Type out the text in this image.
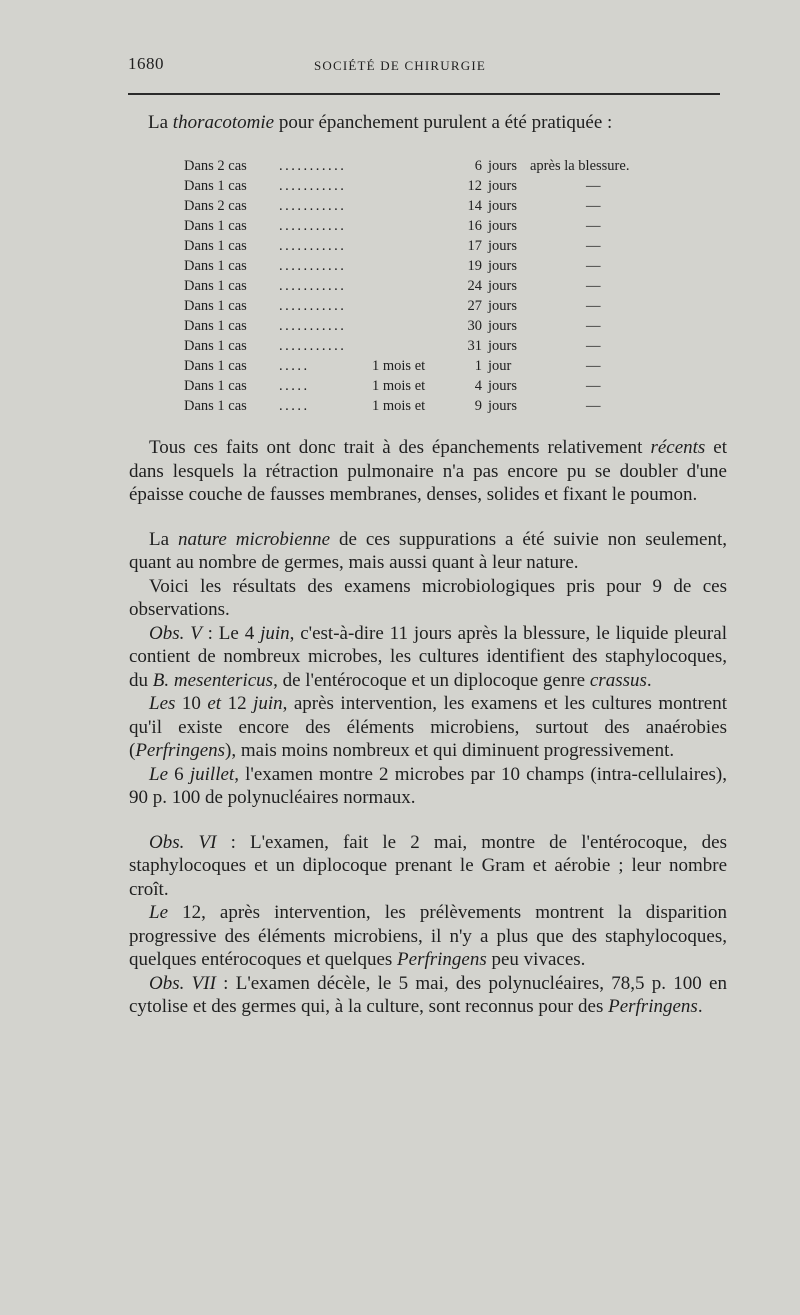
1680	SOCIÉTÉ DE CHIRURGIE
La thoracotomie pour épanchement purulent a été pratiquée :
Dans 2 cas ...........	6 jours après la blessure.
Dans 1 cas ...........	12 jours	—
Dans 2 cas ...........	14 jours	—
Dans 1 cas ...........	16 jours	—
Dans 1 cas ...........	17 jours	—
Dans 1 cas ...........	19 jours	—
Dans 1 cas ...........	24 jours	—
Dans 1 cas ...........	27 jours	—
Dans 1 cas ...........	30 jours	—
Dans 1 cas ...........	31 jours	—
Dans 1 cas .....	1 mois et	1 jour	—
Dans 1 cas .....	1 mois et	4 jours	—
Dans 1 cas .....	1 mois et	9 jours	—

Tous ces faits ont donc trait à des épanchements relativement récents et dans lesquels la rétraction pulmonaire n'a pas encore pu se doubler d'une épaisse couche de fausses membranes, denses, solides et fixant le poumon.

La nature microbienne de ces suppurations a été suivie non seulement, quant au nombre de germes, mais aussi quant à leur nature.

Voici les résultats des examens microbiologiques pris pour 9 de ces observations.

Obs. V : Le 4 juin, c'est-à-dire 11 jours après la blessure, le liquide pleural contient de nombreux microbes, les cultures identifient des staphylocoques, du B. mesentericus, de l'entérocoque et un diplocoque genre crassus.

Les 10 et 12 juin, après intervention, les examens et les cultures montrent qu'il existe encore des éléments microbiens, surtout des anaérobies (Perfringens), mais moins nombreux et qui diminuent progressivement.

Le 6 juillet, l'examen montre 2 microbes par 10 champs (intra-cellulaires), 90 p. 100 de polynucléaires normaux.

Obs. VI : L'examen, fait le 2 mai, montre de l'entérocoque, des staphylocoques et un diplocoque prenant le Gram et aérobie ; leur nombre croît.

Le 12, après intervention, les prélèvements montrent la disparition progressive des éléments microbiens, il n'y a plus que des staphylocoques, quelques entérocoques et quelques Perfringens peu vivaces.

Obs. VII : L'examen décèle, le 5 mai, des polynucléaires, 78,5 p. 100 en cytolise et des germes qui, à la culture, sont reconnus pour des Perfringens.
